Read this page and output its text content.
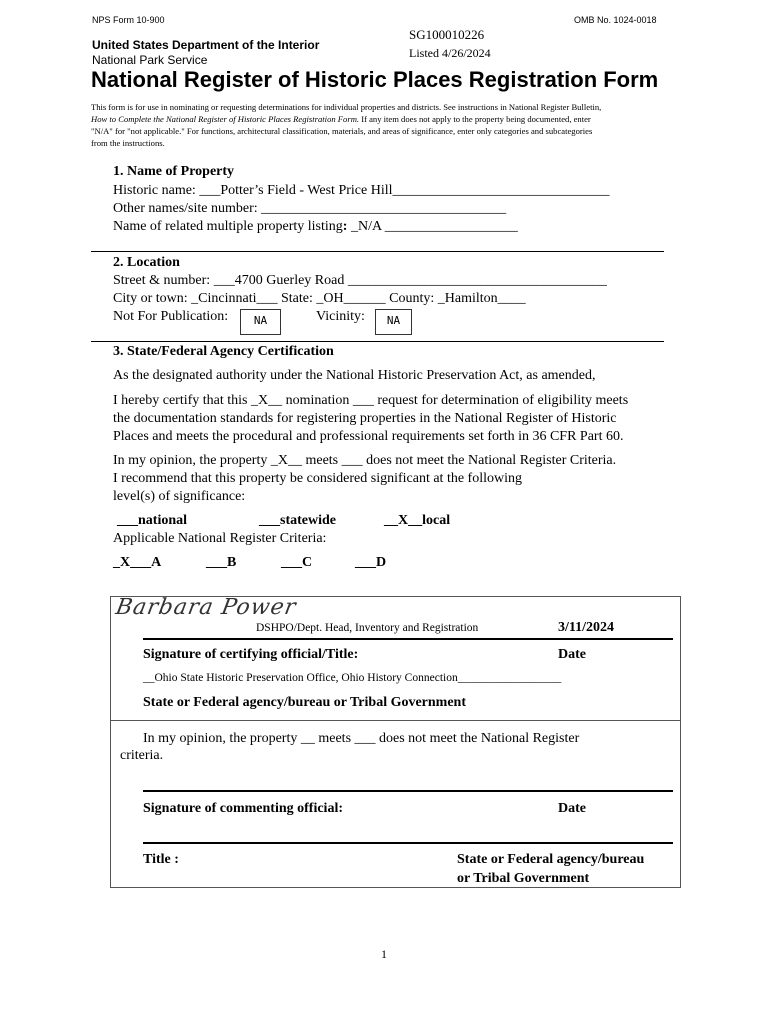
NPS Form 10-900	OMB No. 1024-0018
United States Department of the Interior
National Park Service
SG100010226
Listed 4/26/2024
National Register of Historic Places Registration Form
This form is for use in nominating or requesting determinations for individual properties and districts. See instructions in National Register Bulletin,
How to Complete the National Register of Historic Places Registration Form. If any item does not apply to the property being documented, enter
"N/A" for "not applicable." For functions, architectural classification, materials, and areas of significance, enter only categories and subcategories
from the instructions.
1. Name of Property
Historic name: ___Potter’s Field - West Price Hill_______________________________
Other names/site number: ___________________________________
Name of related multiple property listing: _N/A ___________________
2. Location
Street & number: ___4700 Guerley Road _____________________________________
City or town: _Cincinnati___ State: _OH______ County: _Hamilton____
Not For Publication:	NA	Vicinity:	NA
3. State/Federal Agency Certification
As the designated authority under the National Historic Preservation Act, as amended,
I hereby certify that this _X__ nomination ___ request for determination of eligibility meets
the documentation standards for registering properties in the National Register of Historic
Places and meets the procedural and professional requirements set forth in 36 CFR Part 60.
In my opinion, the property _X__ meets ___ does not meet the National Register Criteria.
I recommend that this property be considered significant at the following
level(s) of significance:
___national	___statewide	__X__local
Applicable National Register Criteria:
_X___A	___B	___C	___D
Barbara Power
DSHPO/Dept. Head, Inventory and Registration	3/11/2024
Signature of certifying official/Title:	Date
__Ohio State Historic Preservation Office, Ohio History Connection__________________
State or Federal agency/bureau or Tribal Government
In my opinion, the property __ meets ___ does not meet the National Register
criteria.
Signature of commenting official:	Date
Title :	State or Federal agency/bureau
or Tribal Government
1
